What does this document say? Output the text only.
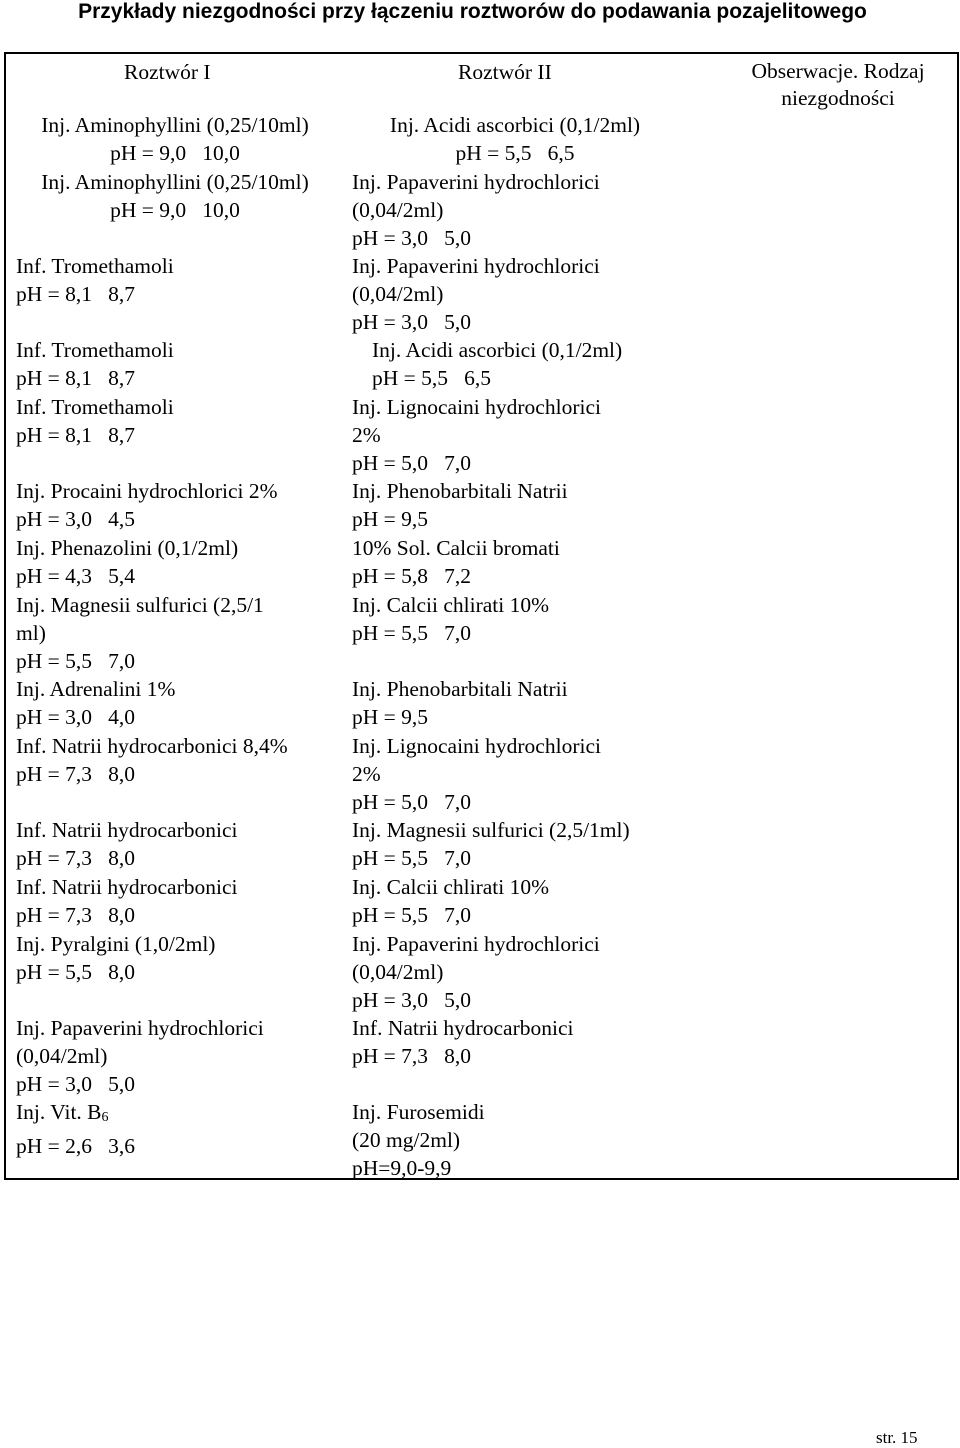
Przykłady niezgodności przy łączeniu roztworów do podawania pozajelitowego
Roztwór I	Roztwór II	Obserwacje. Rodzaj
niezgodności
Inj. Aminophyllini (0,25/10ml)
pH = 9,0   10,0
Inj. Acidi ascorbici (0,1/2ml)
pH = 5,5   6,5
Inj. Aminophyllini (0,25/10ml)
pH = 9,0   10,0
Inj. Papaverini hydrochlorici
(0,04/2ml)
pH = 3,0   5,0
Inf. Tromethamoli
pH = 8,1   8,7
Inj. Papaverini hydrochlorici
(0,04/2ml)
pH = 3,0   5,0
Inf. Tromethamoli
pH = 8,1   8,7
Inj. Acidi ascorbici (0,1/2ml)
pH = 5,5   6,5
Inf. Tromethamoli
pH = 8,1   8,7
Inj. Lignocaini hydrochlorici
2%
pH = 5,0   7,0
Inj. Procaini hydrochlorici 2%
pH = 3,0   4,5
Inj. Phenobarbitali Natrii
pH = 9,5
Inj. Phenazolini (0,1/2ml)
pH = 4,3   5,4
10% Sol. Calcii bromati
pH = 5,8   7,2
Inj. Magnesii sulfurici (2,5/1
ml)
pH = 5,5   7,0
Inj. Calcii chlirati 10%
pH = 5,5   7,0
Inj. Adrenalini 1%
pH = 3,0   4,0
Inj. Phenobarbitali Natrii
pH = 9,5
Inf. Natrii hydrocarbonici 8,4%
pH = 7,3   8,0
Inj. Lignocaini hydrochlorici
2%
pH = 5,0   7,0
Inf. Natrii hydrocarbonici
pH = 7,3   8,0
Inj. Magnesii sulfurici (2,5/1ml)
pH = 5,5   7,0
Inf. Natrii hydrocarbonici
pH = 7,3   8,0
Inj. Calcii chlirati 10%
pH = 5,5   7,0
Inj. Pyralgini (1,0/2ml)
pH = 5,5   8,0
Inj. Papaverini hydrochlorici
(0,04/2ml)
pH = 3,0   5,0
Inj. Papaverini hydrochlorici
(0,04/2ml)
pH = 3,0   5,0
Inf. Natrii hydrocarbonici
pH = 7,3   8,0
Inj. Vit. $B_6$
pH = 2,6   3,6
Inj. Furosemidi
(20 mg/2ml)
pH=9,0-9,9
str. 15
